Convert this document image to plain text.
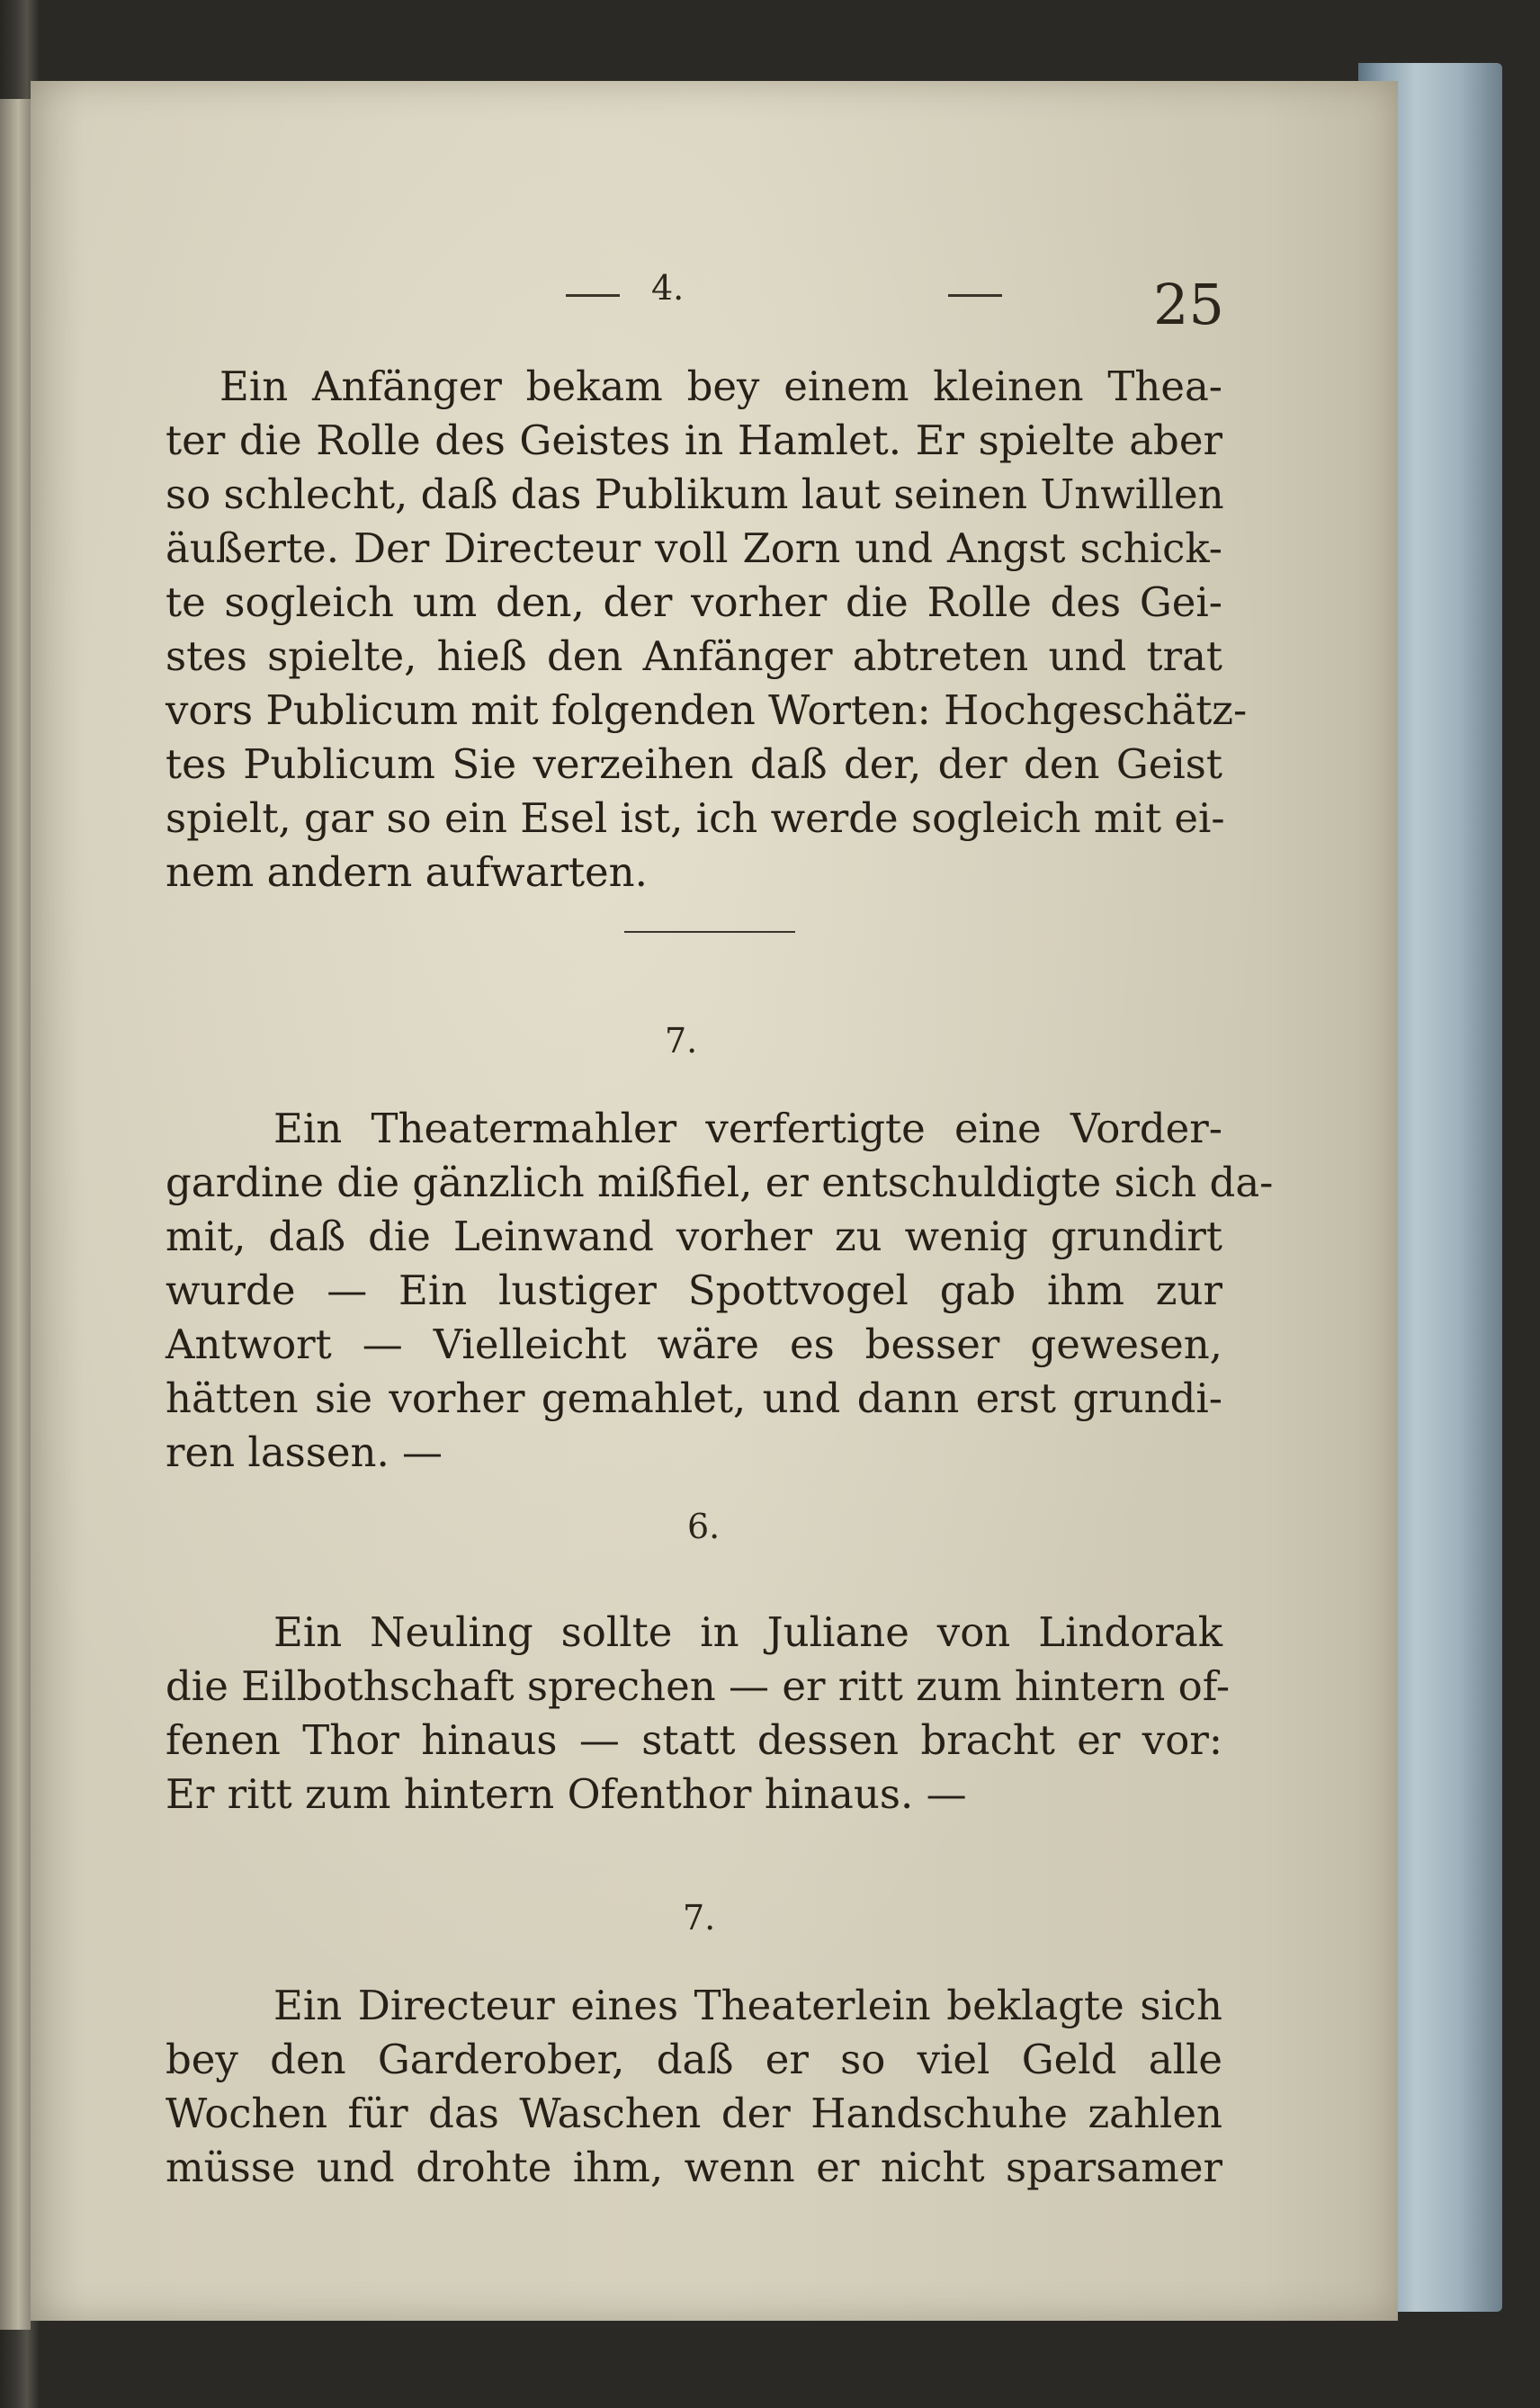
25
4.
Ein Anfänger bekam bey einem kleinen Thea-
ter die Rolle des Geistes in Hamlet. Er spielte aber
so schlecht, daß das Publikum laut seinen Unwillen
äußerte. Der Directeur voll Zorn und Angst schick-
te sogleich um den, der vorher die Rolle des Gei-
stes spielte, hieß den Anfänger abtreten und trat
vors Publicum mit folgenden Worten: Hochgeschätz-
tes Publicum Sie verzeihen daß der, der den Geist
spielt, gar so ein Esel ist, ich werde sogleich mit ei-
nem andern aufwarten.
7.
Ein Theatermahler verfertigte eine Vorder-
gardine die gänzlich mißfiel, er entschuldigte sich da-
mit, daß die Leinwand vorher zu wenig grundirt
wurde — Ein lustiger Spottvogel gab ihm zur
Antwort — Vielleicht wäre es besser gewesen,
hätten sie vorher gemahlet, und dann erst grundi-
ren lassen. —
6.
Ein Neuling sollte in Juliane von Lindorak
die Eilbothschaft sprechen — er ritt zum hintern of-
fenen Thor hinaus — statt dessen bracht er vor:
Er ritt zum hintern Ofenthor hinaus. —
7.
Ein Directeur eines Theaterlein beklagte sich
bey den Garderober, daß er so viel Geld alle
Wochen für das Waschen der Handschuhe zahlen
müsse und drohte ihm, wenn er nicht sparsamer
